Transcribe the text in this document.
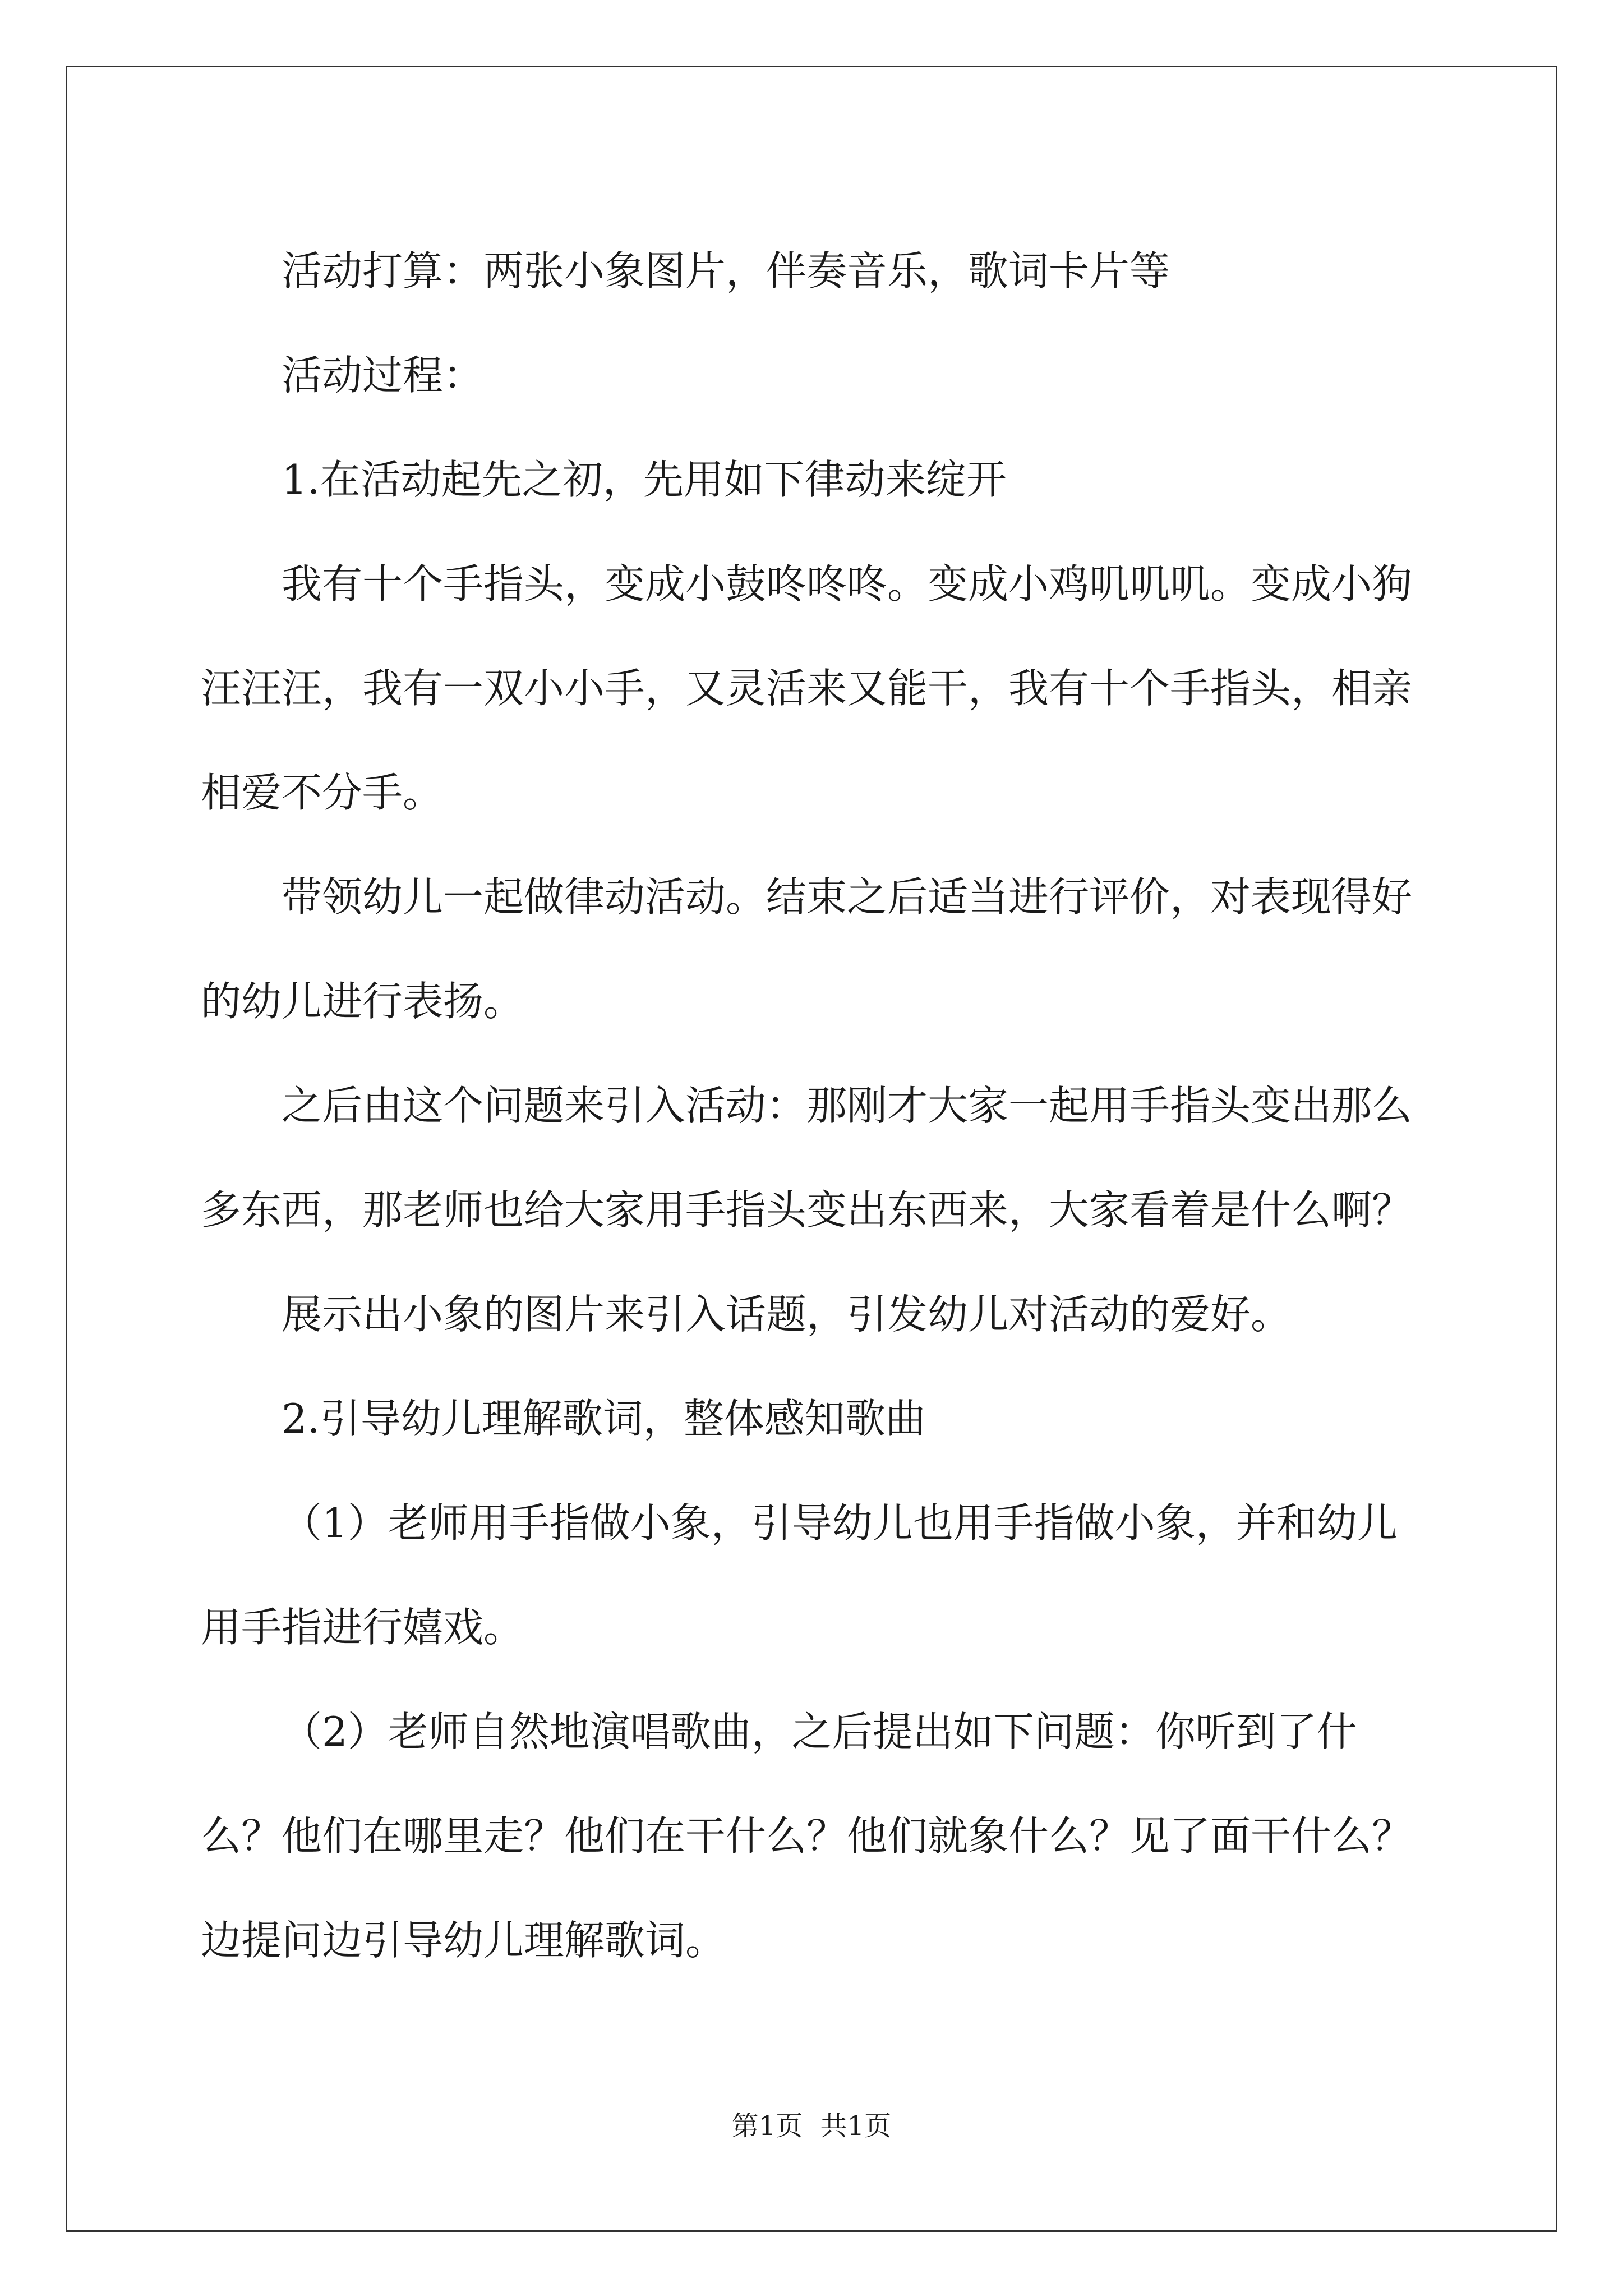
活动打算：两张小象图片，伴奏音乐，歌词卡片等

活动过程：

1.在活动起先之初，先用如下律动来绽开

我有十个手指头，变成小鼓咚咚咚。变成小鸡叽叽叽。变成小狗汪汪汪，我有一双小小手，又灵活来又能干，我有十个手指头，相亲相爱不分手。

带领幼儿一起做律动活动。结束之后适当进行评价，对表现得好的幼儿进行表扬。

之后由这个问题来引入活动：那刚才大家一起用手指头变出那么多东西，那老师也给大家用手指头变出东西来，大家看着是什么啊？

展示出小象的图片来引入话题，引发幼儿对活动的爱好。

2.引导幼儿理解歌词，整体感知歌曲

（1）老师用手指做小象，引导幼儿也用手指做小象，并和幼儿用手指进行嬉戏。

（2）老师自然地演唱歌曲，之后提出如下问题：你听到了什么？他们在哪里走？他们在干什么？他们就象什么？见了面干什么？边提问边引导幼儿理解歌词。

第1页 共1页
